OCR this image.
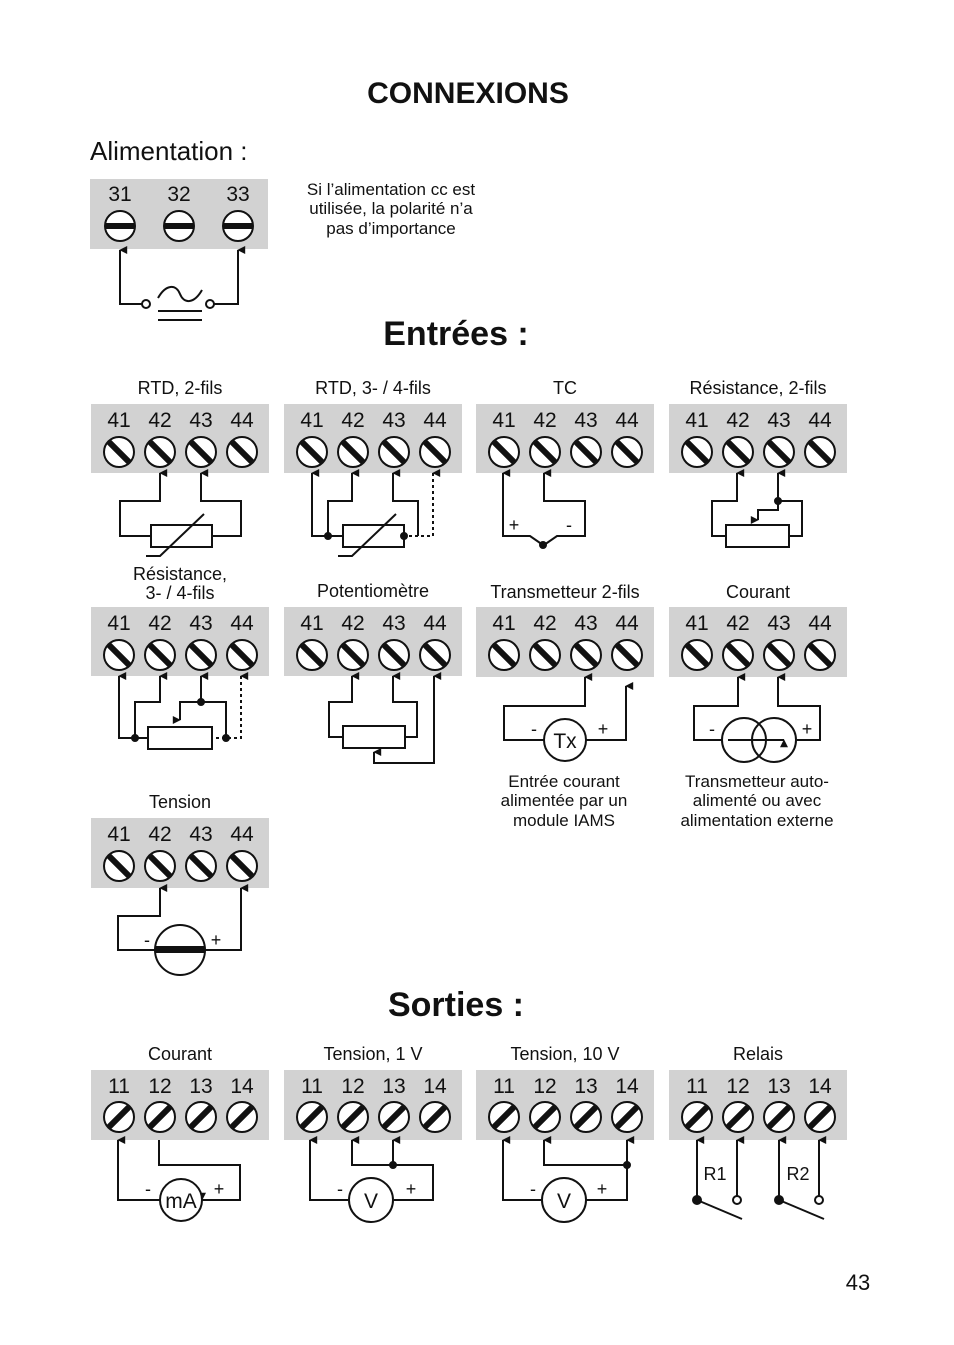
CONNEXIONS
Alimentation :
31 32 33	Si l’alimentation cc est
utilisée, la polarité n’a
pas d’importance
Entrées :
RTD, 2-fils
41 42 43 44
RTD, 3- / 4-fils
41 42 43 44
TC
41 42 43 44
Résistance, 2-fils
41 42 43 44
Résistance,
3- / 4-fils
41 42 43 44
Potentiomètre
41 42 43 44
Transmetteur 2-fils
41 42 43 44
Courant
41 42 43 44
Tension
41 42 43 44
+	-
Tx
-	+
Entrée courant
alimentée par un
module IAMS
-	+
Transmetteur auto-
alimenté ou avec
alimentation externe
-	+
Sorties :
Courant
11 12 13 14
Tension, 1 V
11 12 13 14
Tension, 10 V
11 12 13 14
Relais
11 12 13 14
mA
-	+
V
-	+
V
-	+
R1	R2
43
